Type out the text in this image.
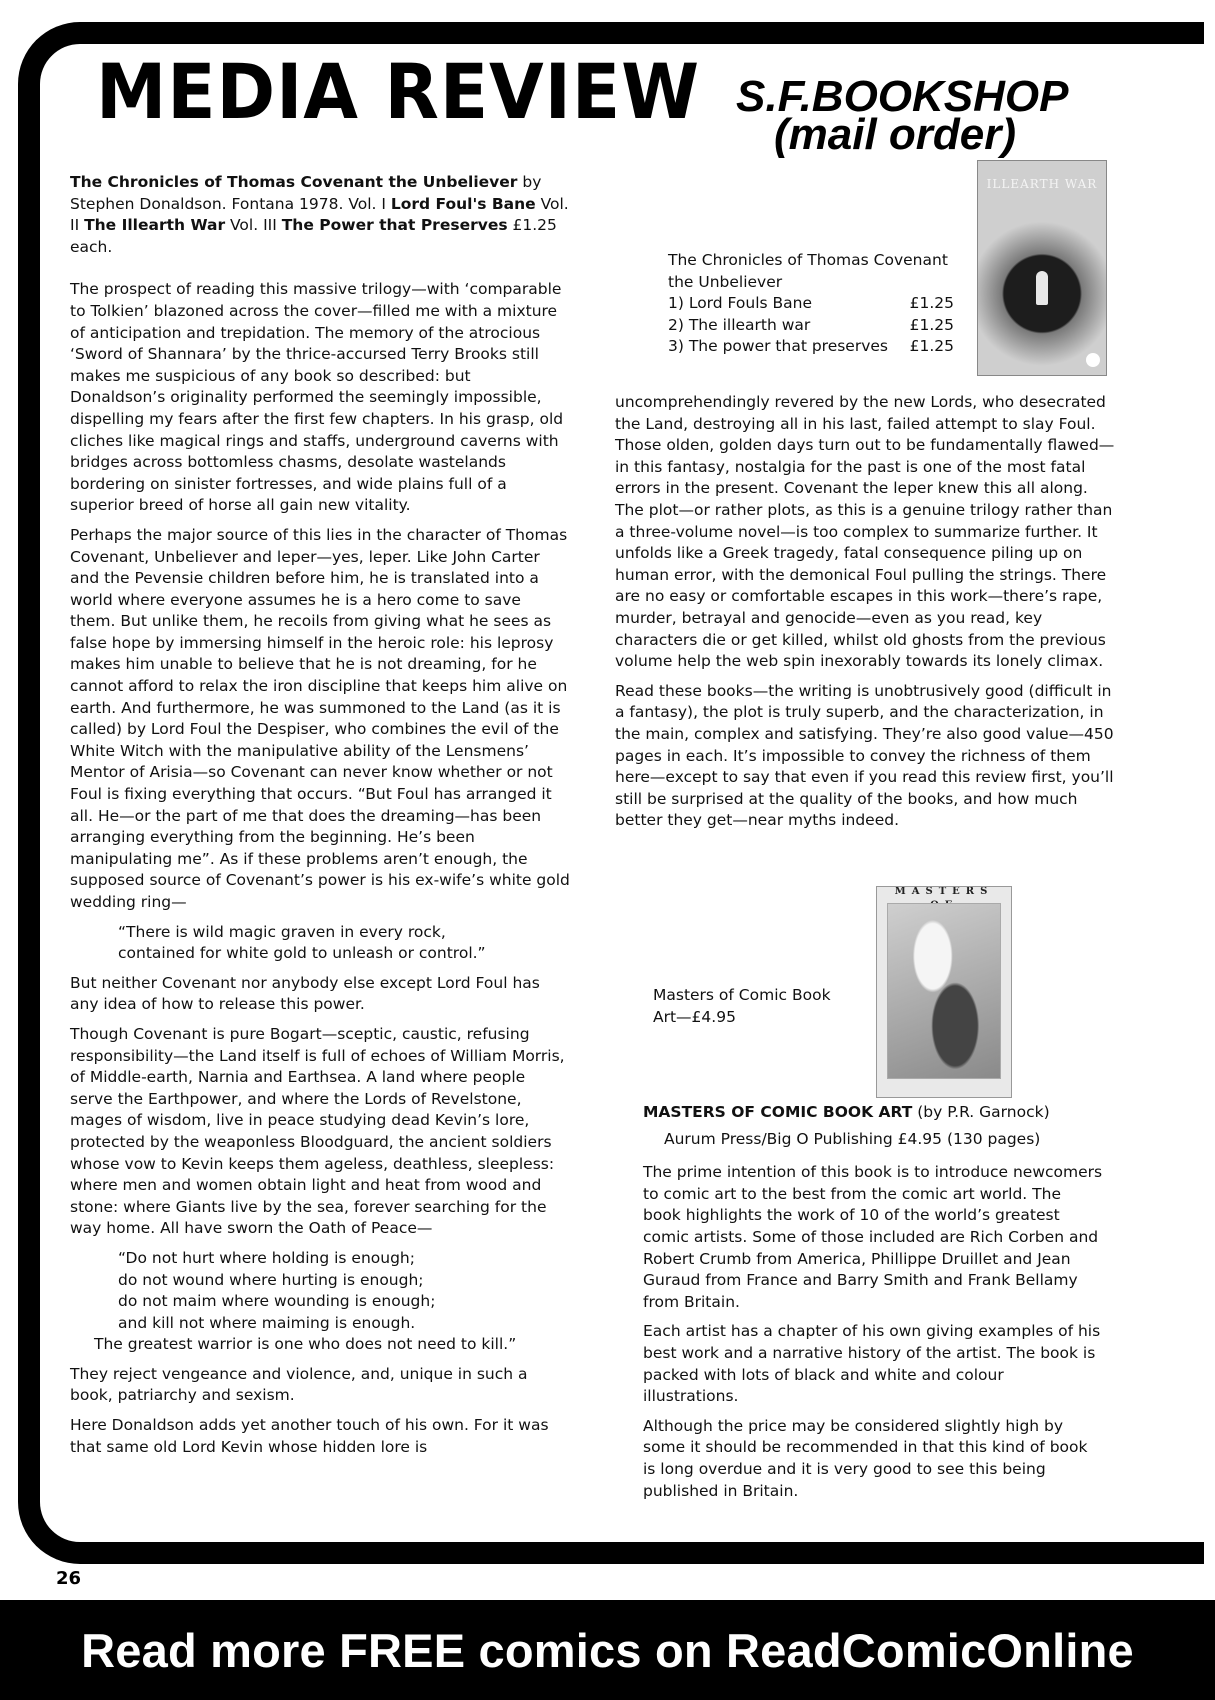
MEDIA REVIEW S.F.BOOKSHOP
(mail order)

The Chronicles of Thomas Covenant the Unbeliever by Stephen Donaldson. Fontana 1978. Vol. I Lord Foul's Bane Vol. II The Illearth War Vol. III The Power that Preserves £1.25 each.

The prospect of reading this massive trilogy—with ‘comparable to Tolkien’ blazoned across the cover—filled me with a mixture of anticipation and trepidation. The memory of the atrocious ‘Sword of Shannara’ by the thrice-accursed Terry Brooks still makes me suspicious of any book so described: but Donaldson’s originality performed the seemingly impossible, dispelling my fears after the first few chapters. In his grasp, old cliches like magical rings and staffs, underground caverns with bridges across bottomless chasms, desolate wastelands bordering on sinister fortresses, and wide plains full of a superior breed of horse all gain new vitality.

Perhaps the major source of this lies in the character of Thomas Covenant, Unbeliever and leper—yes, leper. Like John Carter and the Pevensie children before him, he is translated into a world where everyone assumes he is a hero come to save them. But unlike them, he recoils from giving what he sees as false hope by immersing himself in the heroic role: his leprosy makes him unable to believe that he is not dreaming, for he cannot afford to relax the iron discipline that keeps him alive on earth. And furthermore, he was summoned to the Land (as it is called) by Lord Foul the Despiser, who combines the evil of the White Witch with the manipulative ability of the Lensmens’ Mentor of Arisia—so Covenant can never know whether or not Foul is fixing everything that occurs. “But Foul has arranged it all. He—or the part of me that does the dreaming—has been arranging everything from the beginning. He’s been manipulating me”. As if these problems aren’t enough, the supposed source of Covenant’s power is his ex-wife’s white gold wedding ring—

“There is wild magic graven in every rock,
contained for white gold to unleash or control.”

But neither Covenant nor anybody else except Lord Foul has any idea of how to release this power.

Though Covenant is pure Bogart—sceptic, caustic, refusing responsibility—the Land itself is full of echoes of William Morris, of Middle-earth, Narnia and Earthsea. A land where people serve the Earthpower, and where the Lords of Revelstone, mages of wisdom, live in peace studying dead Kevin’s lore, protected by the weaponless Bloodguard, the ancient soldiers whose vow to Kevin keeps them ageless, deathless, sleepless: where men and women obtain light and heat from wood and stone: where Giants live by the sea, forever searching for the way home. All have sworn the Oath of Peace—

“Do not hurt where holding is enough;
do not wound where hurting is enough;
do not maim where wounding is enough;
and kill not where maiming is enough.
The greatest warrior is one who does not need to kill.”

They reject vengeance and violence, and, unique in such a book, patriarchy and sexism.

Here Donaldson adds yet another touch of his own. For it was that same old Lord Kevin whose hidden lore is

The Chronicles of Thomas Covenant
the Unbeliever
1) Lord Fouls Bane	£1.25
2) The illearth war	£1.25
3) The power that preserves £1.25
ILLEARTH WAR

uncomprehendingly revered by the new Lords, who desecrated the Land, destroying all in his last, failed attempt to slay Foul. Those olden, golden days turn out to be fundamentally flawed—in this fantasy, nostalgia for the past is one of the most fatal errors in the present. Covenant the leper knew this all along.

The plot—or rather plots, as this is a genuine trilogy rather than a three-volume novel—is too complex to summarize further. It unfolds like a Greek tragedy, fatal consequence piling up on human error, with the demonical Foul pulling the strings. There are no easy or comfortable escapes in this work—there’s rape, murder, betrayal and genocide—even as you read, key characters die or get killed, whilst old ghosts from the previous volume help the web spin inexorably towards its lonely climax.

Read these books—the writing is unobtrusively good (difficult in a fantasy), the plot is truly superb, and the characterization, in the main, complex and satisfying. They’re also good value—450 pages in each. It’s impossible to convey the richness of them here—except to say that even if you read this review first, you’ll still be surprised at the quality of the books, and how much better they get—near myths indeed.

Masters of Comic Book
Art—£4.95
MASTERS

MASTERS OF COMIC BOOK ART (by P.R. Garnock)

Aurum Press/Big O Publishing £4.95 (130 pages)

The prime intention of this book is to introduce newcomers to comic art to the best from the comic art world. The book highlights the work of 10 of the world’s greatest comic artists. Some of those included are Rich Corben and Robert Crumb from America, Phillippe Druillet and Jean Guraud from France and Barry Smith and Frank Bellamy from Britain.

Each artist has a chapter of his own giving examples of his best work and a narrative history of the artist. The book is packed with lots of black and white and colour illustrations.

Although the price may be considered slightly high by some it should be recommended in that this kind of book is long overdue and it is very good to see this being published in Britain.

26
Read more FREE comics on ReadComicOnline
